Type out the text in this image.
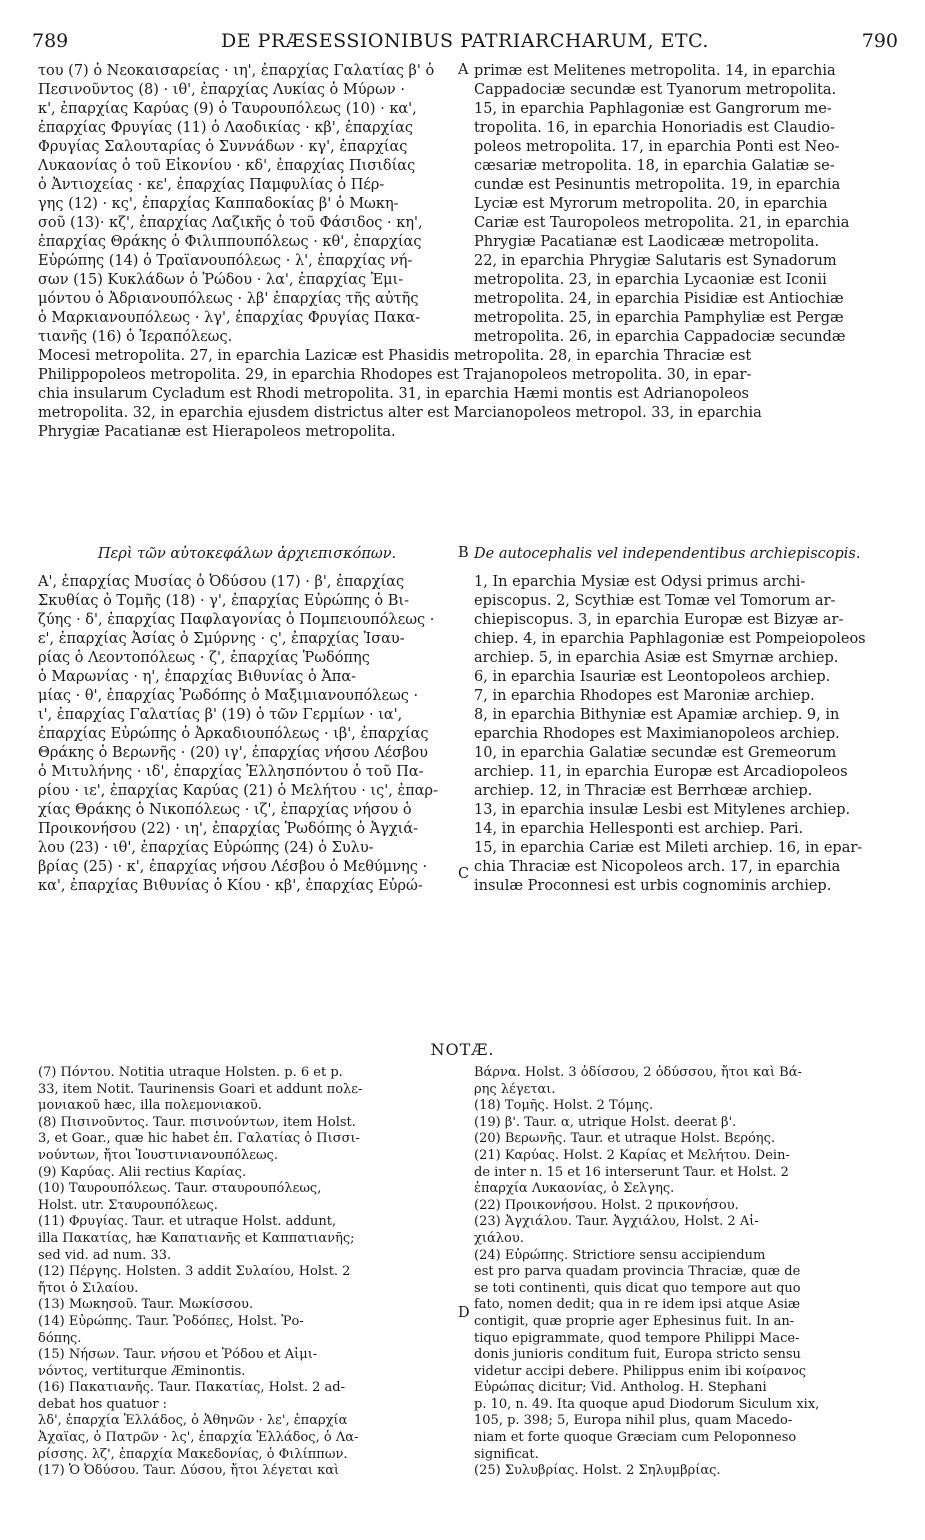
789	DE PRÆSESSIONIBUS PATRIARCHARUM, ETC.	790
του (7) ὁ Νεοκαισαρείας · ιη', ἐπαρχίας Γαλατίας β' ὁ
Πεσινοῦντος (8) · ιθ', ἐπαρχίας Λυκίας ὁ Μύρων ·
κ', ἐπαρχίας Καρύας (9) ὁ Ταυρουπόλεως (10) · κα',
ἐπαρχίας Φρυγίας (11) ὁ Λαοδικίας · κβ', ἐπαρχίας
Φρυγίας Σαλουταρίας ὁ Συννάδων · κγ', ἐπαρχίας
Λυκαονίας ὁ τοῦ Εἰκονίου · κδ', ἐπαρχίας Πισιδίας
ὁ Ἀντιοχείας · κε', ἐπαρχίας Παμφυλίας ὁ Πέρ-
γης (12) · κς', ἐπαρχίας Καππαδοκίας β' ὁ Μωκη-
σοῦ (13)· κζ', ἐπαρχίας Λαζικῆς ὁ τοῦ Φάσιδος · κη',
ἐπαρχίας Θράκης ὁ Φιλιππουπόλεως · κθ', ἐπαρχίας
Εὐρώπης (14) ὁ Τραϊανουπόλεως · λ', ἐπαρχίας νή-
σων (15) Κυκλάδων ὁ Ῥώδου · λα', ἐπαρχίας Ἐμι-
μόντου ὁ Ἀδριανουπόλεως · λβ' ἐπαρχίας τῆς αὐτῆς
ὁ Μαρκιανουπόλεως · λγ', ἐπαρχίας Φρυγίας Πακα-
τιανῆς (16) ὁ Ἱεραπόλεως.
A primæ est Melitenes metropolita. 14, in eparchia
Cappadociæ secundæ est Tyanorum metropolita.
15, in eparchia Paphlagoniæ est Gangrorum me-
tropolita. 16, in eparchia Honoriadis est Claudio-
poleos metropolita. 17, in eparchia Ponti est Neo-
cæsariæ metropolita. 18, in eparchia Galatiæ se-
cundæ est Pesinuntis metropolita. 19, in eparchia
Lyciæ est Myrorum metropolita. 20, in eparchia
Cariæ est Tauropoleos metropolita. 21, in eparchia
Phrygiæ Pacatianæ est Laodicææ metropolita.
22, in eparchia Phrygiæ Salutaris est Synadorum
metropolita. 23, in eparchia Lycaoniæ est Iconii
metropolita. 24, in eparchia Pisidiæ est Antiochiæ
metropolita. 25, in eparchia Pamphyliæ est Pergæ
metropolita. 26, in eparchia Cappadociæ secundæ
Mocesi metropolita. 27, in eparchia Lazicæ est Phasidis metropolita. 28, in eparchia Thraciæ est
Philippopoleos metropolita. 29, in eparchia Rhodopes est Trajanopoleos metropolita. 30, in epar-
chia insularum Cycladum est Rhodi metropolita. 31, in eparchia Hæmi montis est Adrianopoleos
metropolita. 32, in eparchia ejusdem districtus alter est Marcianopoleos metropol. 33, in eparchia
Phrygiæ Pacatianæ est Hierapoleos metropolita.
Περὶ τῶν αὐτοκεφάλων ἀρχιεπισκόπων.	B De autocephalis vel independentibus archiepiscopis.
Α', ἐπαρχίας Μυσίας ὁ Ὀδύσου (17) · β', ἐπαρχίας
Σκυθίας ὁ Τομῆς (18) · γ', ἐπαρχίας Εὐρώπης ὁ Βι-
ζύης · δ', ἐπαρχίας Παφλαγονίας ὁ Πομπειουπόλεως ·
ε', ἐπαρχίας Ἀσίας ὁ Σμύρνης · ς', ἐπαρχίας Ἰσαυ-
ρίας ὁ Λεοντοπόλεως · ζ', ἐπαρχίας Ῥωδόπης
ὁ Μαρωνίας · η', ἐπαρχίας Βιθυνίας ὁ Ἀπα-
μίας · θ', ἐπαρχίας Ῥωδόπης ὁ Μαξιμιανουπόλεως ·
ι', ἐπαρχίας Γαλατίας β' (19) ὁ τῶν Γερμίων · ια',
ἐπαρχίας Εὐρώπης ὁ Ἀρκαδιουπόλεως · ιβ', ἐπαρχίας
Θράκης ὁ Βερωνῆς · (20) ιγ', ἐπαρχίας νήσου Λέσβου
ὁ Μιτυλήνης · ιδ', ἐπαρχίας Ἑλλησπόντου ὁ τοῦ Πα-
ρίου · ιε', ἐπαρχίας Καρύας (21) ὁ Μελήτου · ις', ἐπαρ-
χίας Θράκης ὁ Νικοπόλεως · ιζ', ἐπαρχίας νήσου ὁ
Προικονήσου (22) · ιη', ἐπαρχίας Ῥωδόπης ὁ Ἀγχιά-
λου (23) · ιθ', ἐπαρχίας Εὐρώπης (24) ὁ Συλυ-
βρίας (25) · κ', ἐπαρχίας νήσου Λέσβου ὁ Μεθύμνης ·
κα', ἐπαρχίας Βιθυνίας ὁ Κίου · κβ', ἐπαρχίας Εὐρώ-
C
1, In eparchia Mysiæ est Odysi primus archi-
episcopus. 2, Scythiæ est Tomæ vel Tomorum ar-
chiepiscopus. 3, in eparchia Europæ est Bizyæ ar-
chiep. 4, in eparchia Paphlagoniæ est Pompeiopoleos
archiep. 5, in eparchia Asiæ est Smyrnæ archiep.
6, in eparchia Isauriæ est Leontopoleos archiep.
7, in eparchia Rhodopes est Maroniæ archiep.
8, in eparchia Bithyniæ est Apamiæ archiep. 9, in
eparchia Rhodopes est Maximianopoleos archiep.
10, in eparchia Galatiæ secundæ est Gremeorum
archiep. 11, in eparchia Europæ est Arcadiopoleos
archiep. 12, in Thraciæ est Berrhœæ archiep.
13, in eparchia insulæ Lesbi est Mitylenes archiep.
14, in eparchia Hellesponti est archiep. Pari.
15, in eparchia Cariæ est Mileti archiep. 16, in epar-
chia Thraciæ est Nicopoleos arch. 17, in eparchia
insulæ Proconnesi est urbis cognominis archiep.
NOTÆ.
(7) Πόντου. Notitia utraque Holsten. p. 6 et p.
33, item Notit. Taurinensis Goari et addunt πολε-
μονιακοῦ hæc, illa πολεμονιακοῦ.
(8) Πισινοῦντος. Taur. πισινούντων, item Holst.
3, et Goar., quæ hic habet ἐπ. Γαλατίας ὁ Πισσι-
νούντων, ἤτοι Ἰουστινιανουπόλεως.
(9) Καρύας. Alii rectius Καρίας.
(10) Ταυρουπόλεως. Taur. σταυρουπόλεως,
Holst. utr. Σταυρουπόλεως.
(11) Φρυγίας. Taur. et utraque Holst. addunt,
illa Πακατίας, hæ Καπατιανῆς et Καππατιανῆς;
sed vid. ad num. 33.
(12) Πέργης. Holsten. 3 addit Συλαίου, Holst. 2
ἤτοι ὁ Σιλαίου.
(13) Μωκησοῦ. Taur. Μωκίσσου.
(14) Εὐρώπης. Taur. Ῥοδόπες, Holst. Ῥο-
δόπης.
(15) Νήσων. Taur. νήσου et Ῥόδου et Αἰμι-
νόντος, vertiturque Æminontis.
(16) Πακατιανῆς. Taur. Πακατίας, Holst. 2 ad-
debat hos quatuor :
λδ', ἐπαρχία Ἑλλάδος, ὁ Ἀθηνῶν · λε', ἐπαρχία
Ἀχαΐας, ὁ Πατρῶν · λς', ἐπαρχία Ἑλλάδος, ὁ Λα-
ρίσσης. λζ', ἐπαρχία Μακεδονίας, ὁ Φιλίππων.
(17) Ὁ Ὀδύσου. Taur. Δύσου, ἤτοι λέγεται καὶ
D
Βάρνα. Holst. 3 ὀδίσσου, 2 ὀδύσσου, ἤτοι καὶ Βά-
ρης λέγεται.
(18) Τομῆς. Holst. 2 Τόμης.
(19) β'. Taur. α, utrique Holst. deerat β'.
(20) Βερωνῆς. Taur. et utraque Holst. Βερόης.
(21) Καρύας. Holst. 2 Καρίας et Μελήτου. Dein-
de inter n. 15 et 16 interserunt Taur. et Holst. 2
ἐπαρχία Λυκαονίας, ὁ Σελγης.
(22) Προικονήσου. Holst. 2 πρικονήσου.
(23) Ἀγχιάλου. Taur. Ἀγχιάλου, Holst. 2 Αἰ-
χιάλου.
(24) Εὐρώπης. Strictiore sensu accipiendum
est pro parva quadam provincia Thraciæ, quæ de
se toti continenti, quis dicat quo tempore aut quo
fato, nomen dedit; qua in re idem ipsi atque Asiæ
contigit, quæ proprie ager Ephesinus fuit. In an-
tiquo epigrammate, quod tempore Philippi Mace-
donis junioris conditum fuit, Europa stricto sensu
videtur accipi debere. Philippus enim ibi κοίρανος
Εὐρώπας dicitur; Vid. Antholog. H. Stephani
p. 10, n. 49. Ita quoque apud Diodorum Siculum xix,
105, p. 398; 5, Europa nihil plus, quam Macedo-
niam et forte quoque Græciam cum Peloponneso
significat.
(25) Συλυβρίας. Holst. 2 Σηλυμβρίας.
